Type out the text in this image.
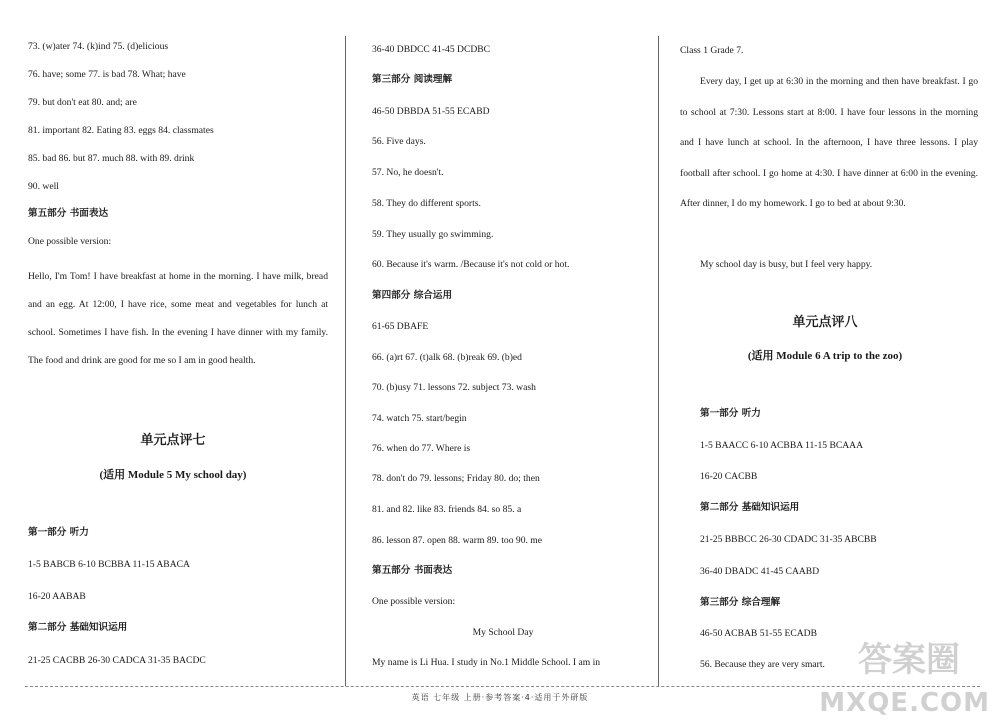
73. (w)ater 74. (k)ind 75. (d)elicious
76. have; some 77. is bad 78. What; have
79. but don't eat 80. and; are
81. important 82. Eating 83. eggs 84. classmates
85. bad 86. but 87. much 88. with 89. drink
90. well
第五部分 书面表达
One possible version:
Hello, I'm Tom! I have breakfast at home in the morning. I have milk, bread and an egg. At 12:00, I have rice, some meat and vegetables for lunch at school. Sometimes I have fish. In the evening I have dinner with my family. The food and drink are good for me so I am in good health.
单元点评七
(适用 Module 5 My school day)
第一部分 听力
1-5 BABCB 6-10 BCBBA 11-15 ABACA
16-20 AABAB
第二部分 基础知识运用
21-25 CACBB 26-30 CADCA 31-35 BACDC
36-40 DBDCC 41-45 DCDBC
第三部分 阅读理解
46-50 DBBDA 51-55 ECABD
56. Five days.
57. No, he doesn't.
58. They do different sports.
59. They usually go swimming.
60. Because it's warm. /Because it's not cold or hot.
第四部分 综合运用
61-65 DBAFE
66. (a)rt 67. (t)alk 68. (b)reak 69. (b)ed
70. (b)usy 71. lessons 72. subject 73. wash
74. watch 75. start/begin
76. when do 77. Where is
78. don't do 79. lessons; Friday 80. do; then
81. and 82. like 83. friends 84. so 85. a
86. lesson 87. open 88. warm 89. too 90. me
第五部分 书面表达
One possible version:
My School Day
My name is Li Hua. I study in No.1 Middle School. I am in
Class 1 Grade 7.
Every day, I get up at 6:30 in the morning and then have breakfast. I go to school at 7:30. Lessons start at 8:00. I have four lessons in the morning and I have lunch at school. In the afternoon, I have three lessons. I play football after school. I go home at 4:30. I have dinner at 6:00 in the evening. After dinner, I do my homework. I go to bed at about 9:30.
My school day is busy, but I feel very happy.
单元点评八
(适用 Module 6 A trip to the zoo)
第一部分 听力
1-5 BAACC 6-10 ACBBA 11-15 BCAAA
16-20 CACBB
第二部分 基础知识运用
21-25 BBBCC 26-30 CDADC 31-35 ABCBB
36-40 DBADC 41-45 CAABD
第三部分 综合理解
46-50 ACBAB 51-55 ECADB
56. Because they are very smart.
英语 七年级 上册·参考答案·4·适用于外研版
答案圈
MXQE.COM
